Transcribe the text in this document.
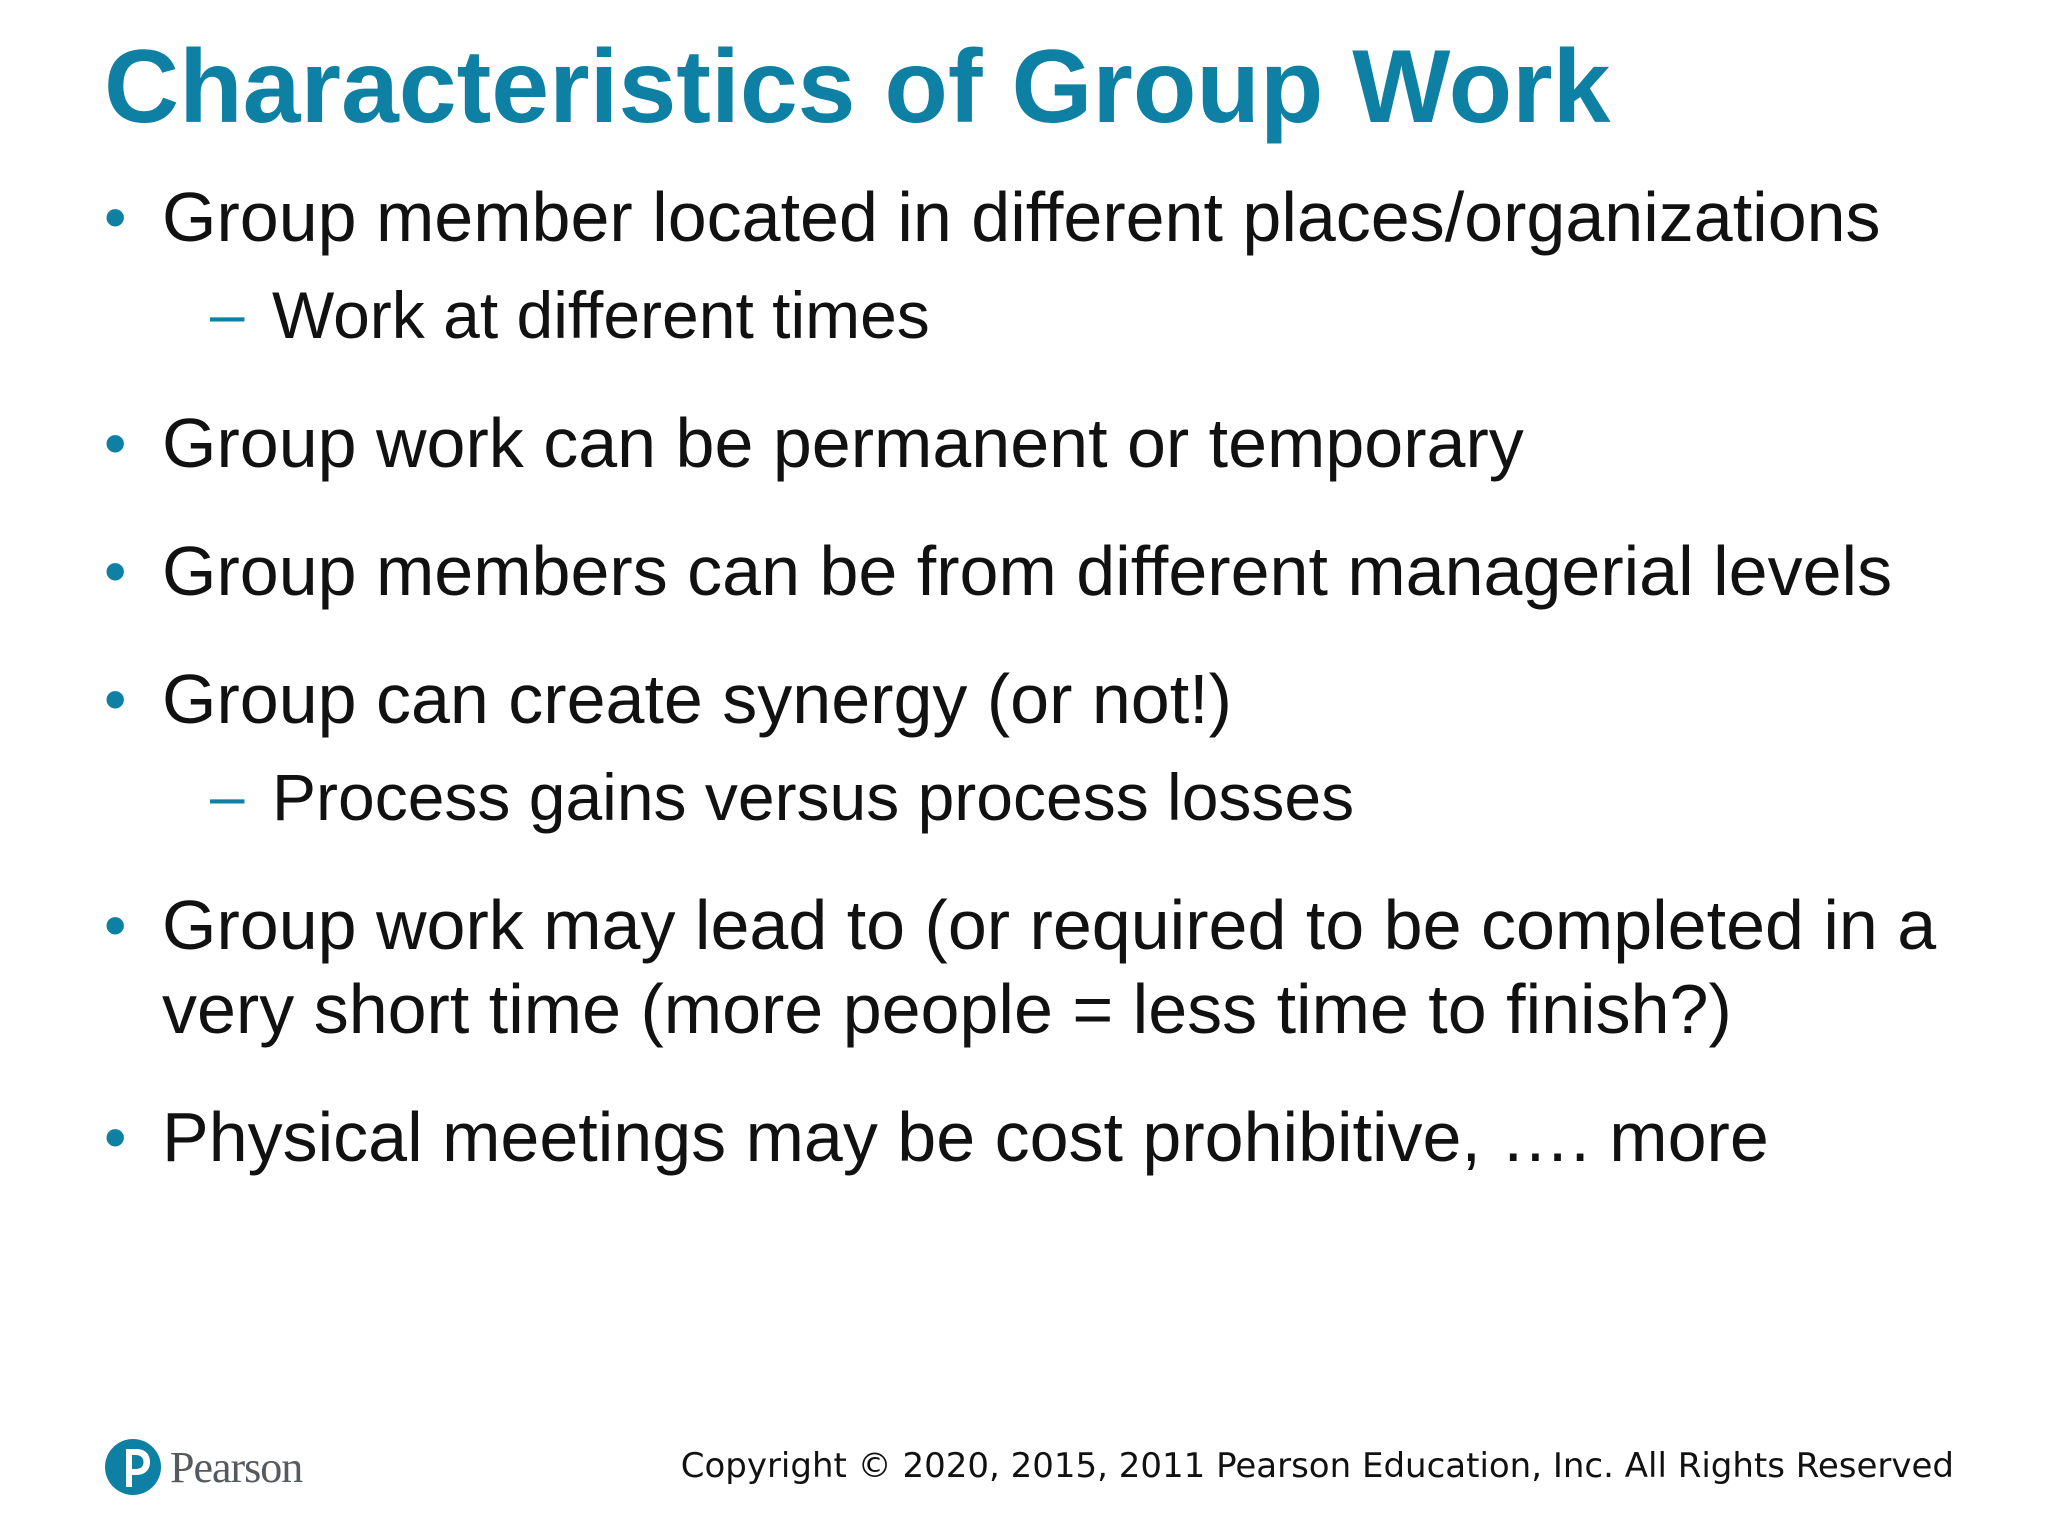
Characteristics of Group Work
• Group member located in different places/organizations
– Work at different times
• Group work can be permanent or temporary
• Group members can be from different managerial levels
• Group can create synergy (or not!)
– Process gains versus process losses
• Group work may lead to (or required to be completed in a very short time (more people = less time to finish?)
• Physical meetings may be cost prohibitive, …. more
Pearson	Copyright © 2020, 2015, 2011 Pearson Education, Inc. All Rights Reserved
